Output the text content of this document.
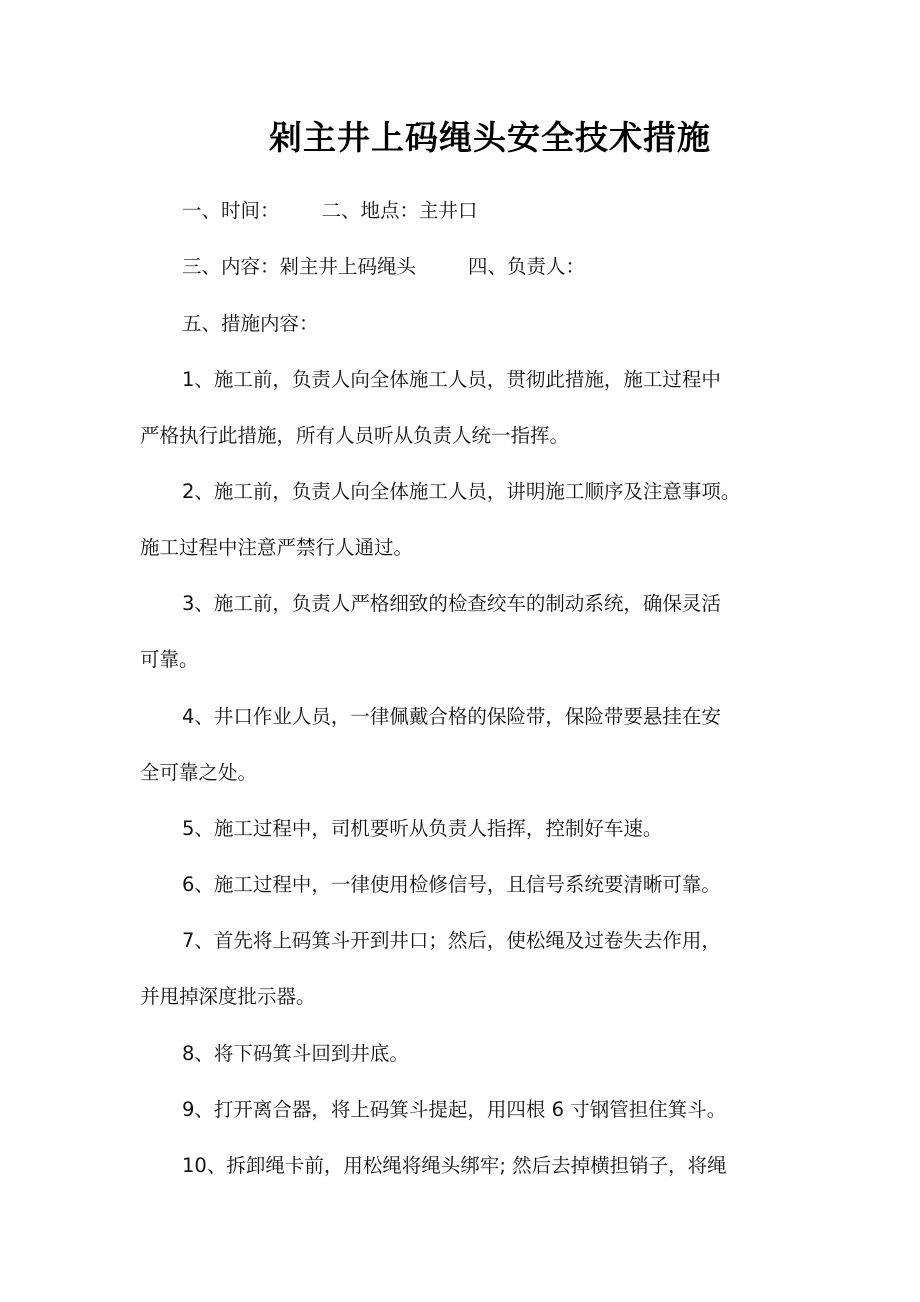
剁主井上码绳头安全技术措施
一、时间： 二、地点：主井口
三、内容：剁主井上码绳头	四、负责人：
五、措施内容：
1、施工前，负责人向全体施工人员，贯彻此措施，施工过程中
严格执行此措施，所有人员听从负责人统一指挥。
2、施工前，负责人向全体施工人员，讲明施工顺序及注意事项。
施工过程中注意严禁行人通过。
3、施工前，负责人严格细致的检查绞车的制动系统，确保灵活
可靠。
4、井口作业人员，一律佩戴合格的保险带，保险带要悬挂在安
全可靠之处。
5、施工过程中，司机要听从负责人指挥，控制好车速。
6、施工过程中，一律使用检修信号，且信号系统要清晰可靠。
7、首先将上码箕斗开到井口；然后，使松绳及过卷失去作用，
并甩掉深度批示器。
8、将下码箕斗回到井底。
9、打开离合器，将上码箕斗提起，用四根 6 寸钢管担住箕斗。
10、拆卸绳卡前，用松绳将绳头绑牢; 然后去掉横担销子，将绳
